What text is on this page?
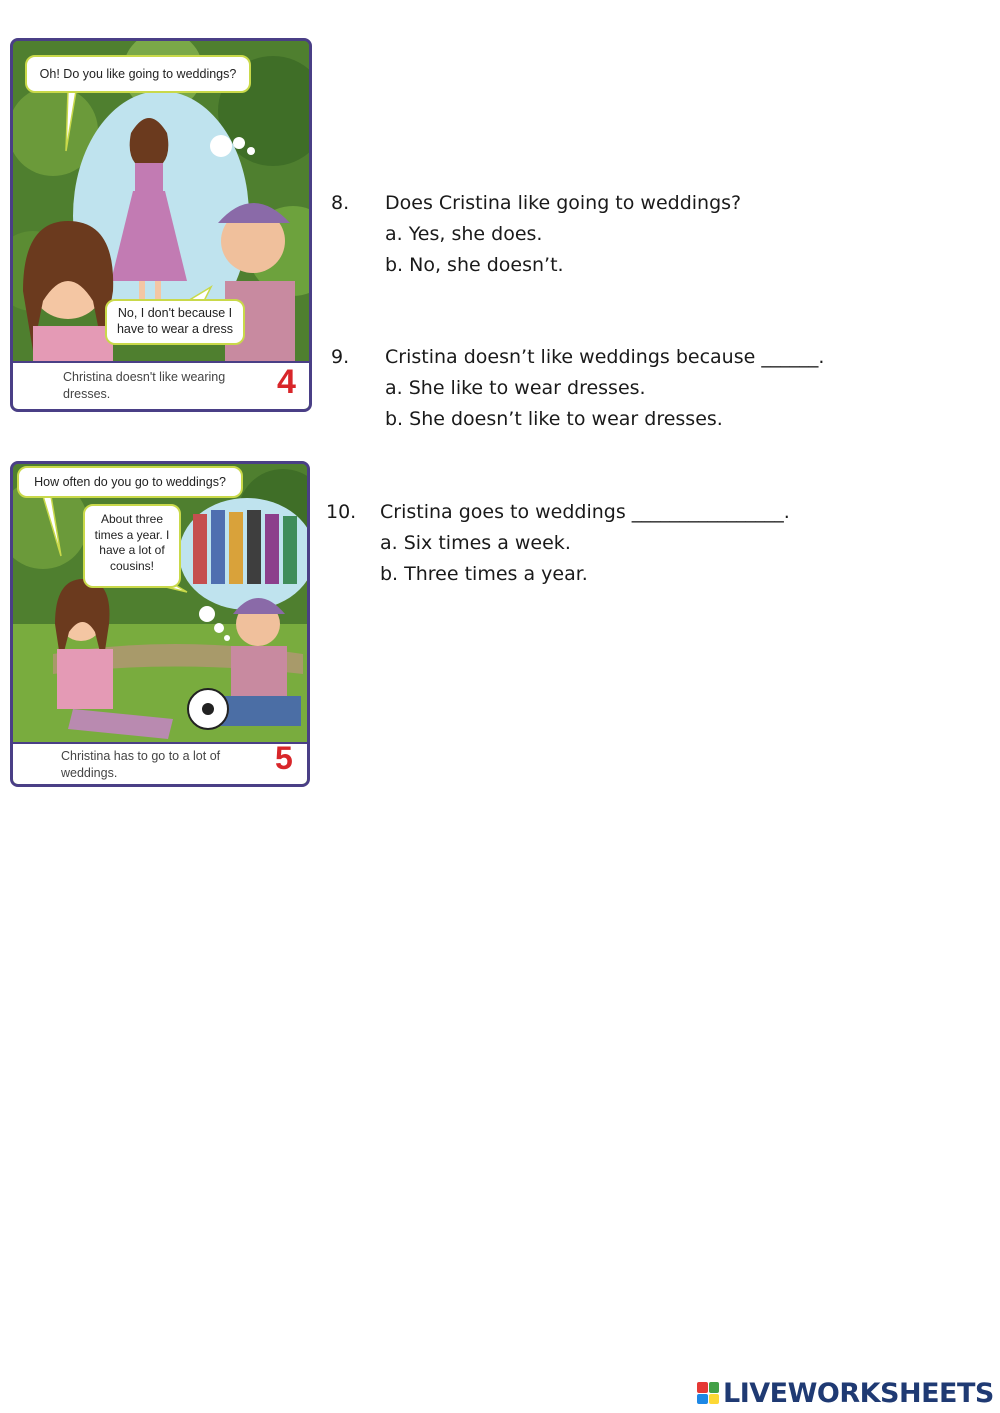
Oh! Do you like going to weddings?
No, I don't because I have to wear a dress
Christina doesn't like wearing dresses.	4
How often do you go to weddings?
About three times a year. I have a lot of cousins!
Christina has to go to a lot of weddings.	5
8. Does Cristina like going to weddings?
a. Yes, she does.
b. No, she doesn’t.
9. Cristina doesn’t like weddings because ______.
a. She like to wear dresses.
b. She doesn’t like to wear dresses.
10. Cristina goes to weddings ________________.
a. Six times a week.
b. Three times a year.
LIVEWORKSHEETS
